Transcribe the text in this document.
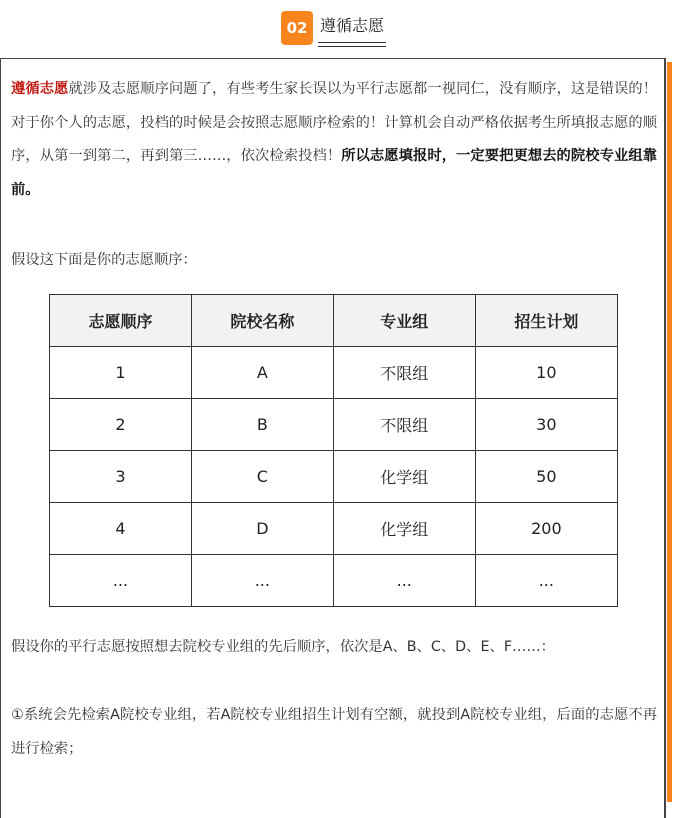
02 遵循志愿
遵循志愿就涉及志愿顺序问题了，有些考生家长误以为平行志愿都一视同仁，没有顺序，这是错误的！对于你个人的志愿，投档的时候是会按照志愿顺序检索的！计算机会自动严格依据考生所填报志愿的顺序，从第一到第二，再到第三……，依次检索投档！所以志愿填报时，一定要把更想去的院校专业组靠前。
假设这下面是你的志愿顺序：
志愿顺序	院校名称	专业组	招生计划
1	A	不限组	10
2	B	不限组	30
3	C	化学组	50
4	D	化学组	200
...	...	...	...
假设你的平行志愿按照想去院校专业组的先后顺序，依次是A、B、C、D、E、F……：
①系统会先检索A院校专业组，若A院校专业组招生计划有空额，就投到A院校专业组，后面的志愿不再进行检索；
